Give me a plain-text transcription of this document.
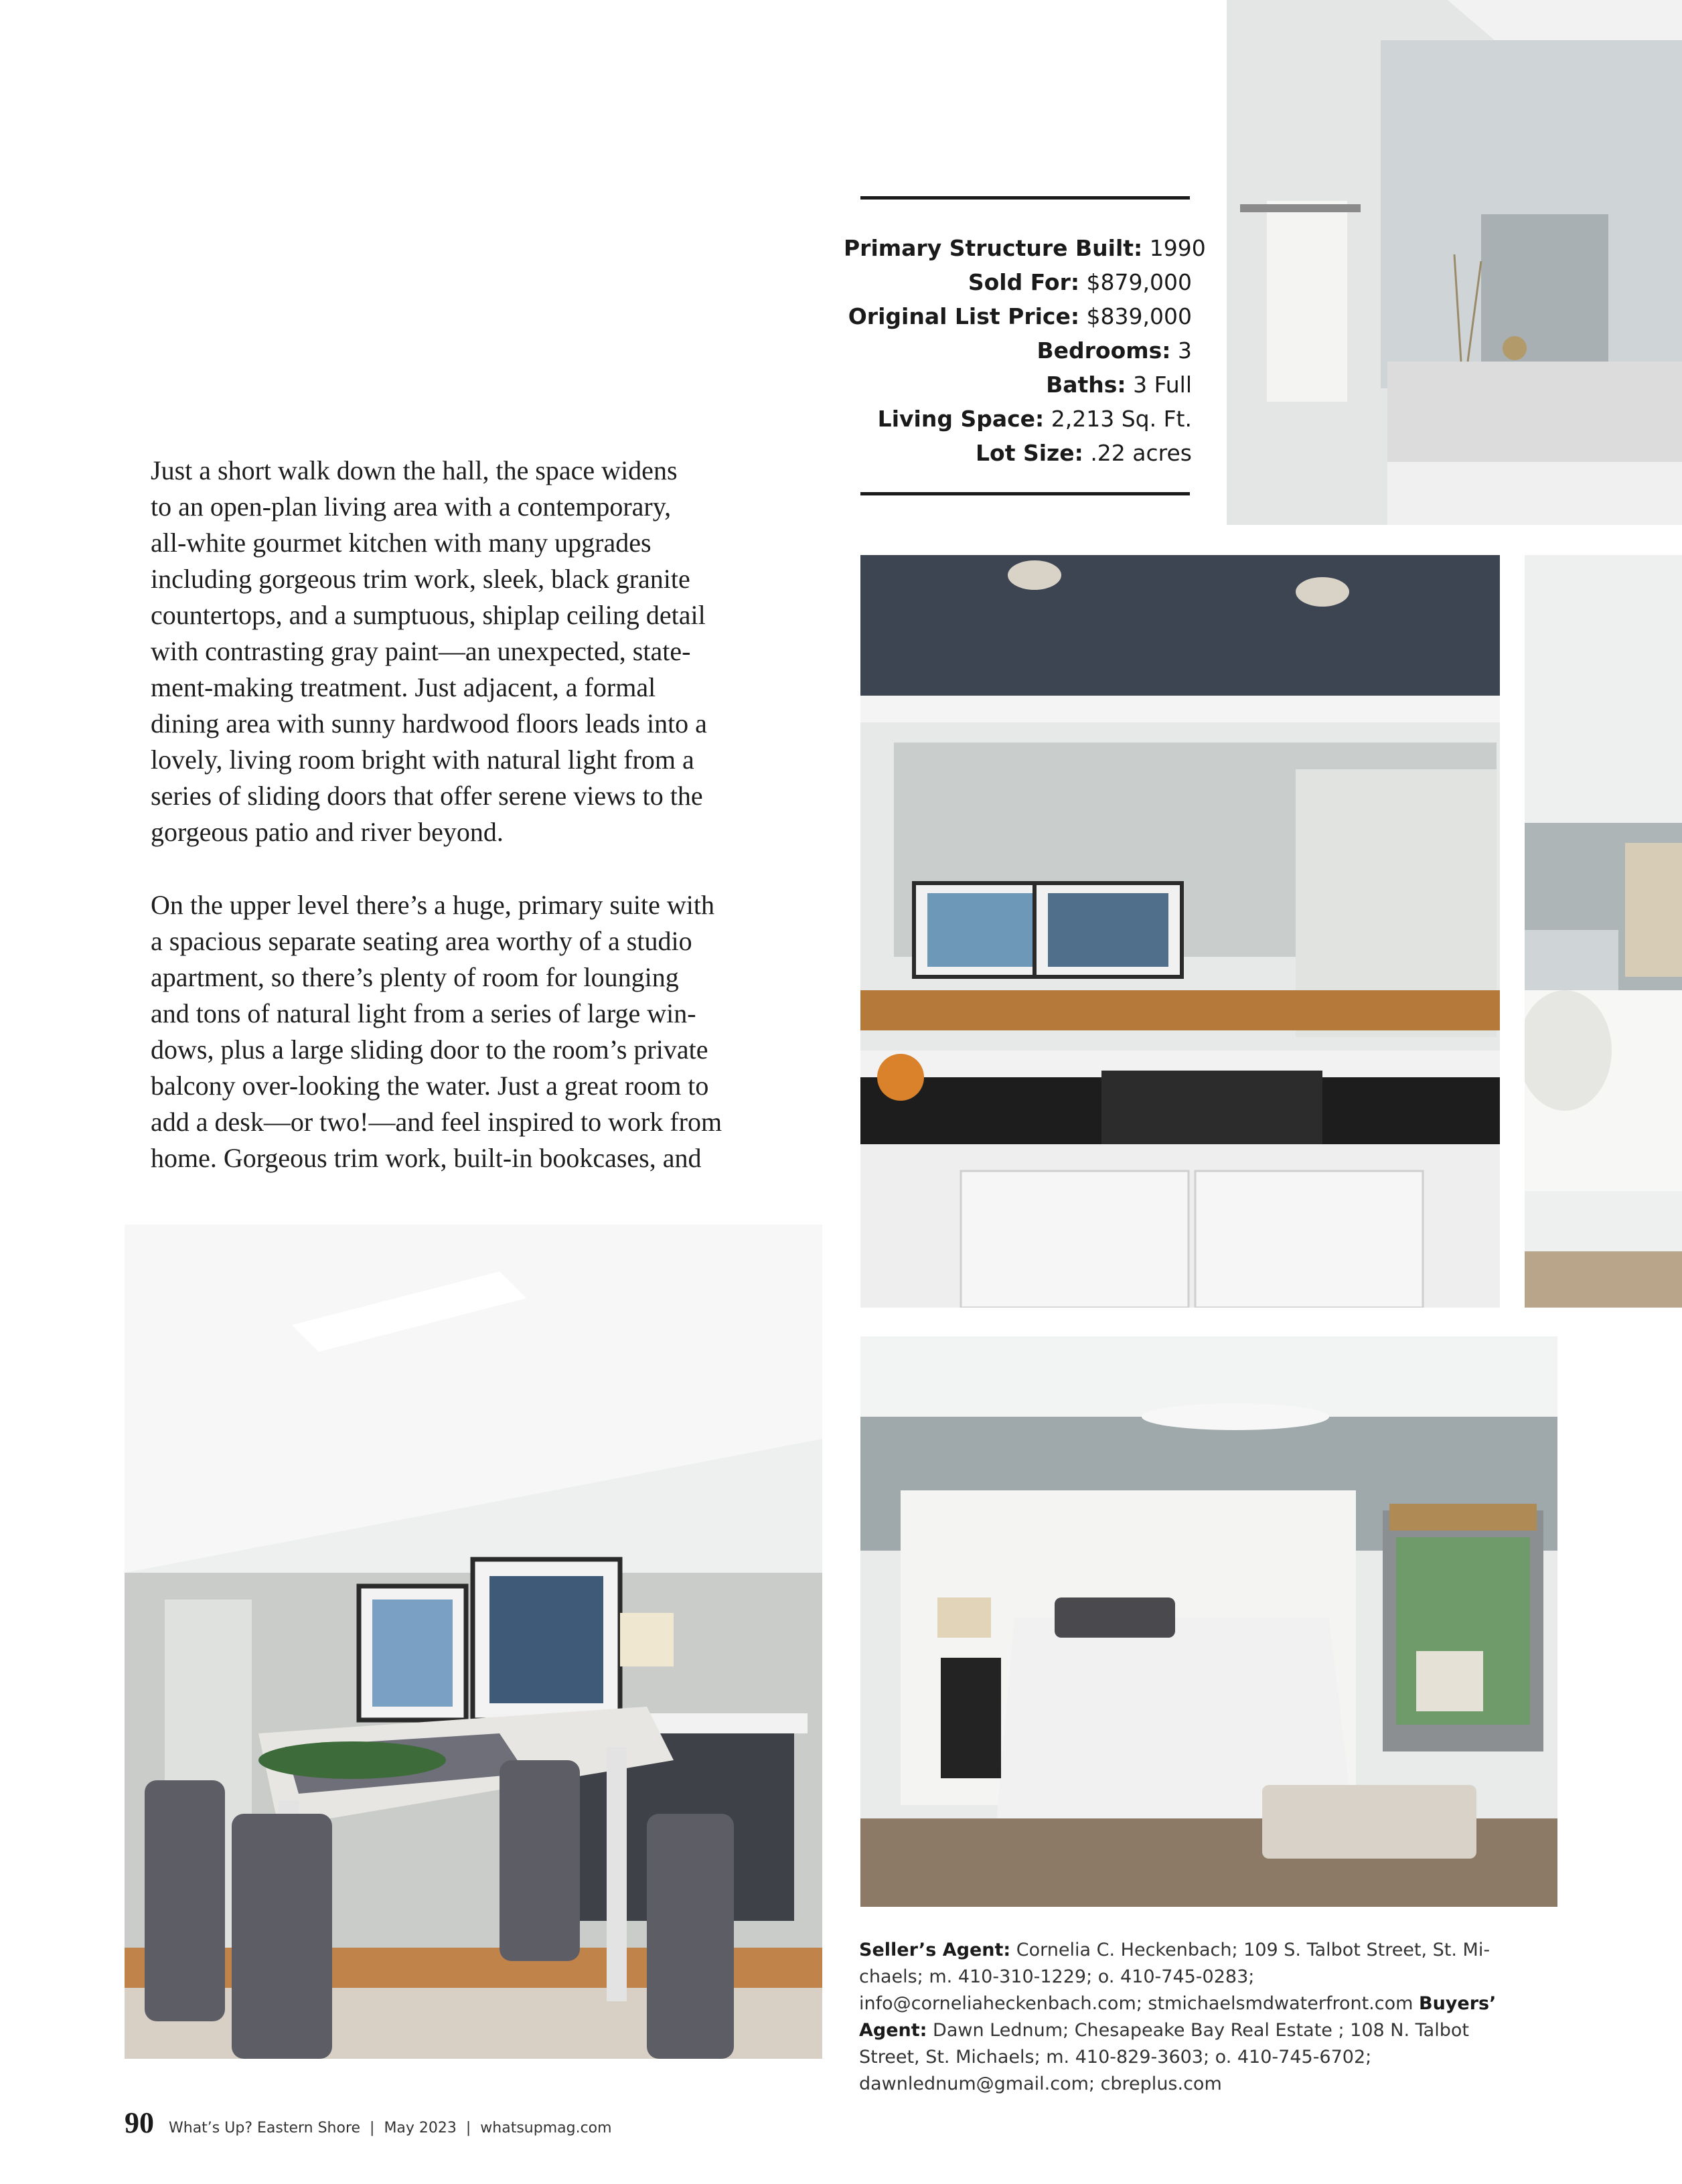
Primary Structure Built: 1990
Sold For: $879,000
Original List Price: $839,000
Bedrooms: 3
Baths: 3 Full
Living Space: 2,213 Sq. Ft.
Lot Size: .22 acres

Just a short walk down the hall, the space widens

to an open-plan living area with a contemporary,

all-white gourmet kitchen with many upgrades

including gorgeous trim work, sleek, black granite

countertops, and a sumptuous, shiplap ceiling detail

with contrasting gray paint—an unexpected, state-

ment-making treatment. Just adjacent, a formal

dining area with sunny hardwood floors leads into a

lovely, living room bright with natural light from a

series of sliding doors that offer serene views to the

gorgeous patio and river beyond.

On the upper level there’s a huge, primary suite with

a spacious separate seating area worthy of a studio

apartment, so there’s plenty of room for lounging

and tons of natural light from a series of large win-

dows, plus a large sliding door to the room’s private

balcony over-looking the water. Just a great room to

add a desk—or two!—and feel inspired to work from

home. Gorgeous trim work, built-in bookcases, and

Seller’s Agent: Cornelia C. Heckenbach; 109 S. Talbot Street, St. Mi-chaels; m. 410-310-1229; o. 410-745-0283; info@corneliaheckenbach.com; stmichaelsmdwaterfront.com Buyers’ Agent: Dawn Lednum; Chesapeake Bay Real Estate ; 108 N. Talbot Street, St. Michaels; m. 410-829-3603; o. 410-745-6702; dawnlednum@gmail.com; cbreplus.com
90 What’s Up? Eastern Shore  |  May 2023  |  whatsupmag.com
